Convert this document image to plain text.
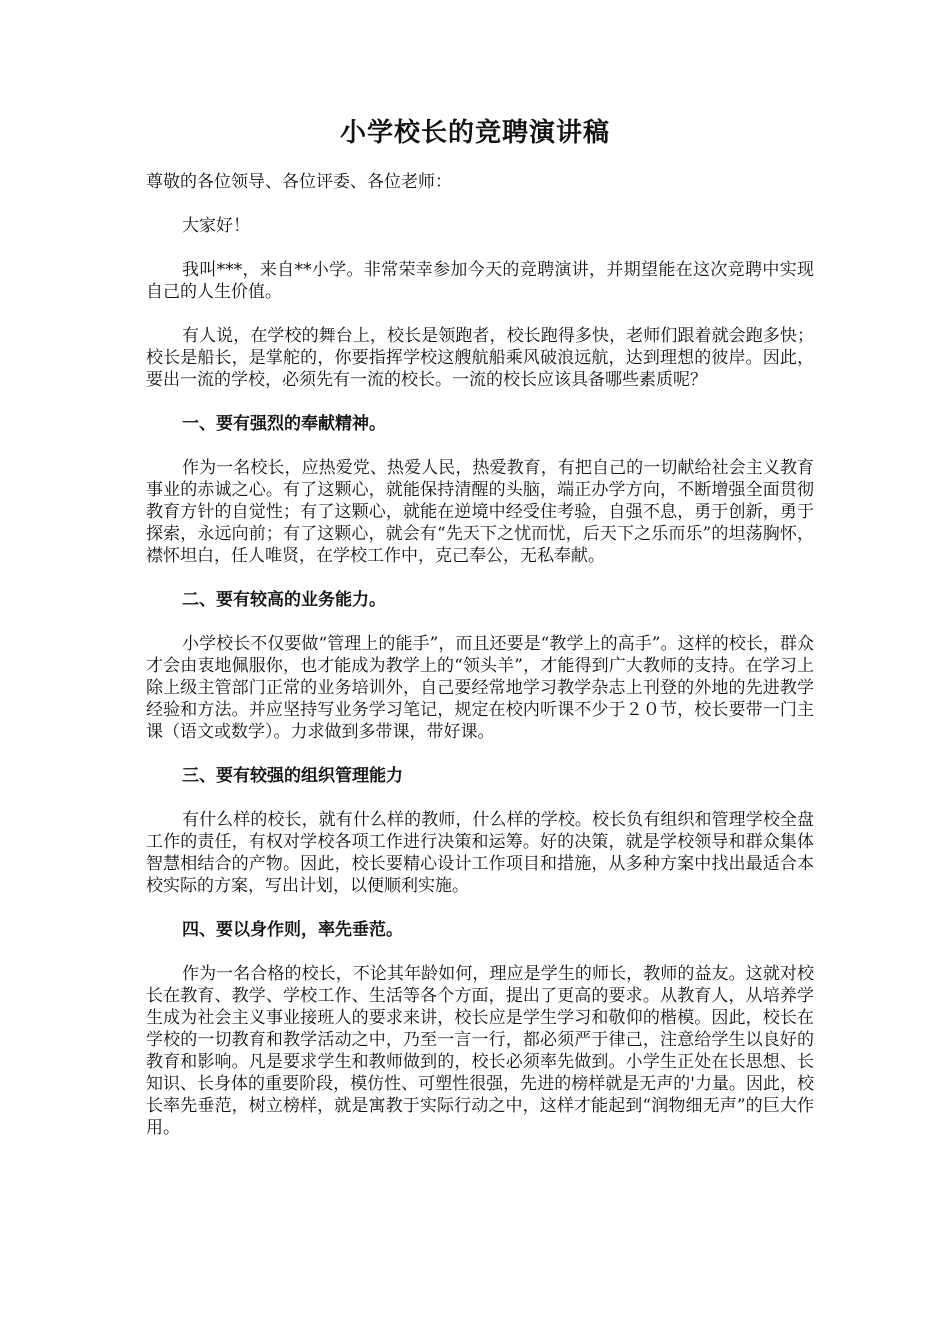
小学校长的竞聘演讲稿

尊敬的各位领导、各位评委、各位老师：

大家好！

我叫***，来自**小学。非常荣幸参加今天的竞聘演讲，并期望能在这次竞聘中实现自己的人生价值。

有人说，在学校的舞台上，校长是领跑者，校长跑得多快，老师们跟着就会跑多快；校长是船长，是掌舵的，你要指挥学校这艘航船乘风破浪远航，达到理想的彼岸。因此，要出一流的学校，必须先有一流的校长。一流的校长应该具备哪些素质呢？

一、要有强烈的奉献精神。

作为一名校长，应热爱党、热爱人民，热爱教育，有把自己的一切献给社会主义教育事业的赤诚之心。有了这颗心，就能保持清醒的头脑，端正办学方向，不断增强全面贯彻教育方针的自觉性；有了这颗心，就能在逆境中经受住考验，自强不息，勇于创新，勇于探索，永远向前；有了这颗心，就会有“先天下之忧而忧，后天下之乐而乐”的坦荡胸怀，襟怀坦白，任人唯贤，在学校工作中，克己奉公，无私奉献。

二、要有较高的业务能力。

小学校长不仅要做“管理上的能手”，而且还要是“教学上的高手”。这样的校长，群众才会由衷地佩服你，也才能成为教学上的“领头羊”，才能得到广大教师的支持。在学习上除上级主管部门正常的业务培训外，自己要经常地学习教学杂志上刊登的外地的先进教学经验和方法。并应坚持写业务学习笔记，规定在校内听课不少于２０节，校长要带一门主课（语文或数学）。力求做到多带课，带好课。

三、要有较强的组织管理能力

有什么样的校长，就有什么样的教师，什么样的学校。校长负有组织和管理学校全盘工作的责任，有权对学校各项工作进行决策和运筹。好的决策，就是学校领导和群众集体智慧相结合的产物。因此，校长要精心设计工作项目和措施，从多种方案中找出最适合本校实际的方案，写出计划，以便顺利实施。

四、要以身作则，率先垂范。

作为一名合格的校长，不论其年龄如何，理应是学生的师长，教师的益友。这就对校长在教育、教学、学校工作、生活等各个方面，提出了更高的要求。从教育人，从培养学生成为社会主义事业接班人的要求来讲，校长应是学生学习和敬仰的楷模。因此，校长在学校的一切教育和教学活动之中，乃至一言一行，都必须严于律己，注意给学生以良好的教育和影响。凡是要求学生和教师做到的，校长必须率先做到。小学生正处在长思想、长知识、长身体的重要阶段，模仿性、可塑性很强，先进的榜样就是无声的'力量。因此，校长率先垂范，树立榜样，就是寓教于实际行动之中，这样才能起到“润物细无声”的巨大作用。
